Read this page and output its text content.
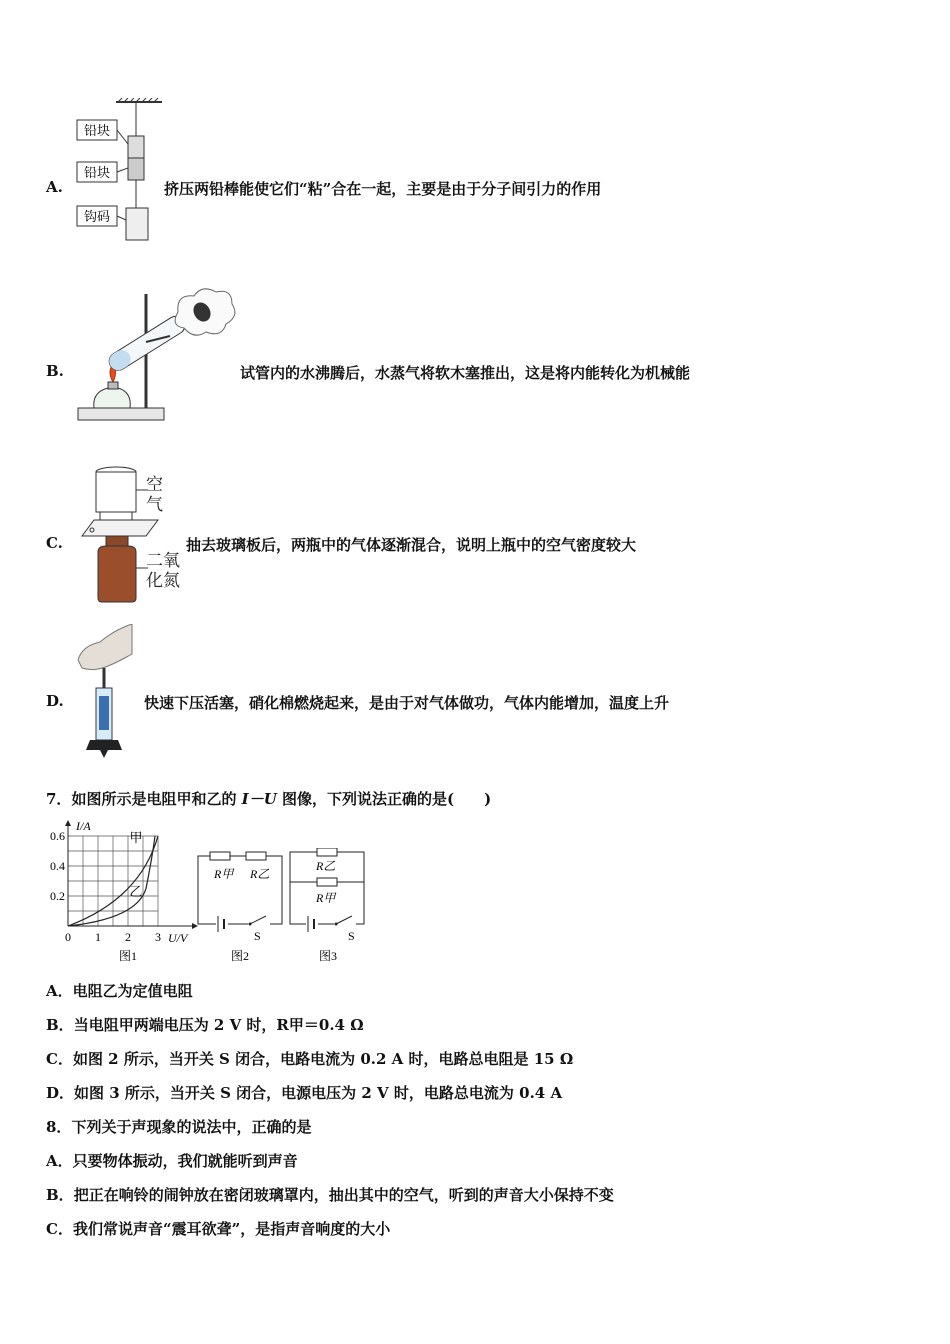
A.
铅块
铅块
钩码
挤压两铅棒能使它们“粘”合在一起，主要是由于分子间引力的作用
B.	试管内的水沸腾后，水蒸气将软木塞推出，这是将内能转化为机械能
C.
空
气
二氧
化氮
抽去玻璃板后，两瓶中的气体逐渐混合，说明上瓶中的空气密度较大
D.	快速下压活塞，硝化棉燃烧起来，是由于对气体做功，气体内能增加，温度上升
7．如图所示是电阻甲和乙的 I－U 图像，下列说法正确的是(　　)
I/A
U/V
0.2
0.4
0.6
0 1 2 3
甲
乙
图1
R甲 R乙
S
图2
R乙
R甲
S
图3
A．电阻乙为定值电阻
B．当电阻甲两端电压为 2 V 时，R甲＝0.4 Ω
C．如图 2 所示，当开关 S 闭合，电路电流为 0.2 A 时，电路总电阻是 15 Ω
D．如图 3 所示，当开关 S 闭合，电源电压为 2 V 时，电路总电流为 0.4 A
8．下列关于声现象的说法中，正确的是
A．只要物体振动，我们就能听到声音
B．把正在响铃的闹钟放在密闭玻璃罩内，抽出其中的空气，听到的声音大小保持不变
C．我们常说声音“震耳欲聋”，是指声音响度的大小
